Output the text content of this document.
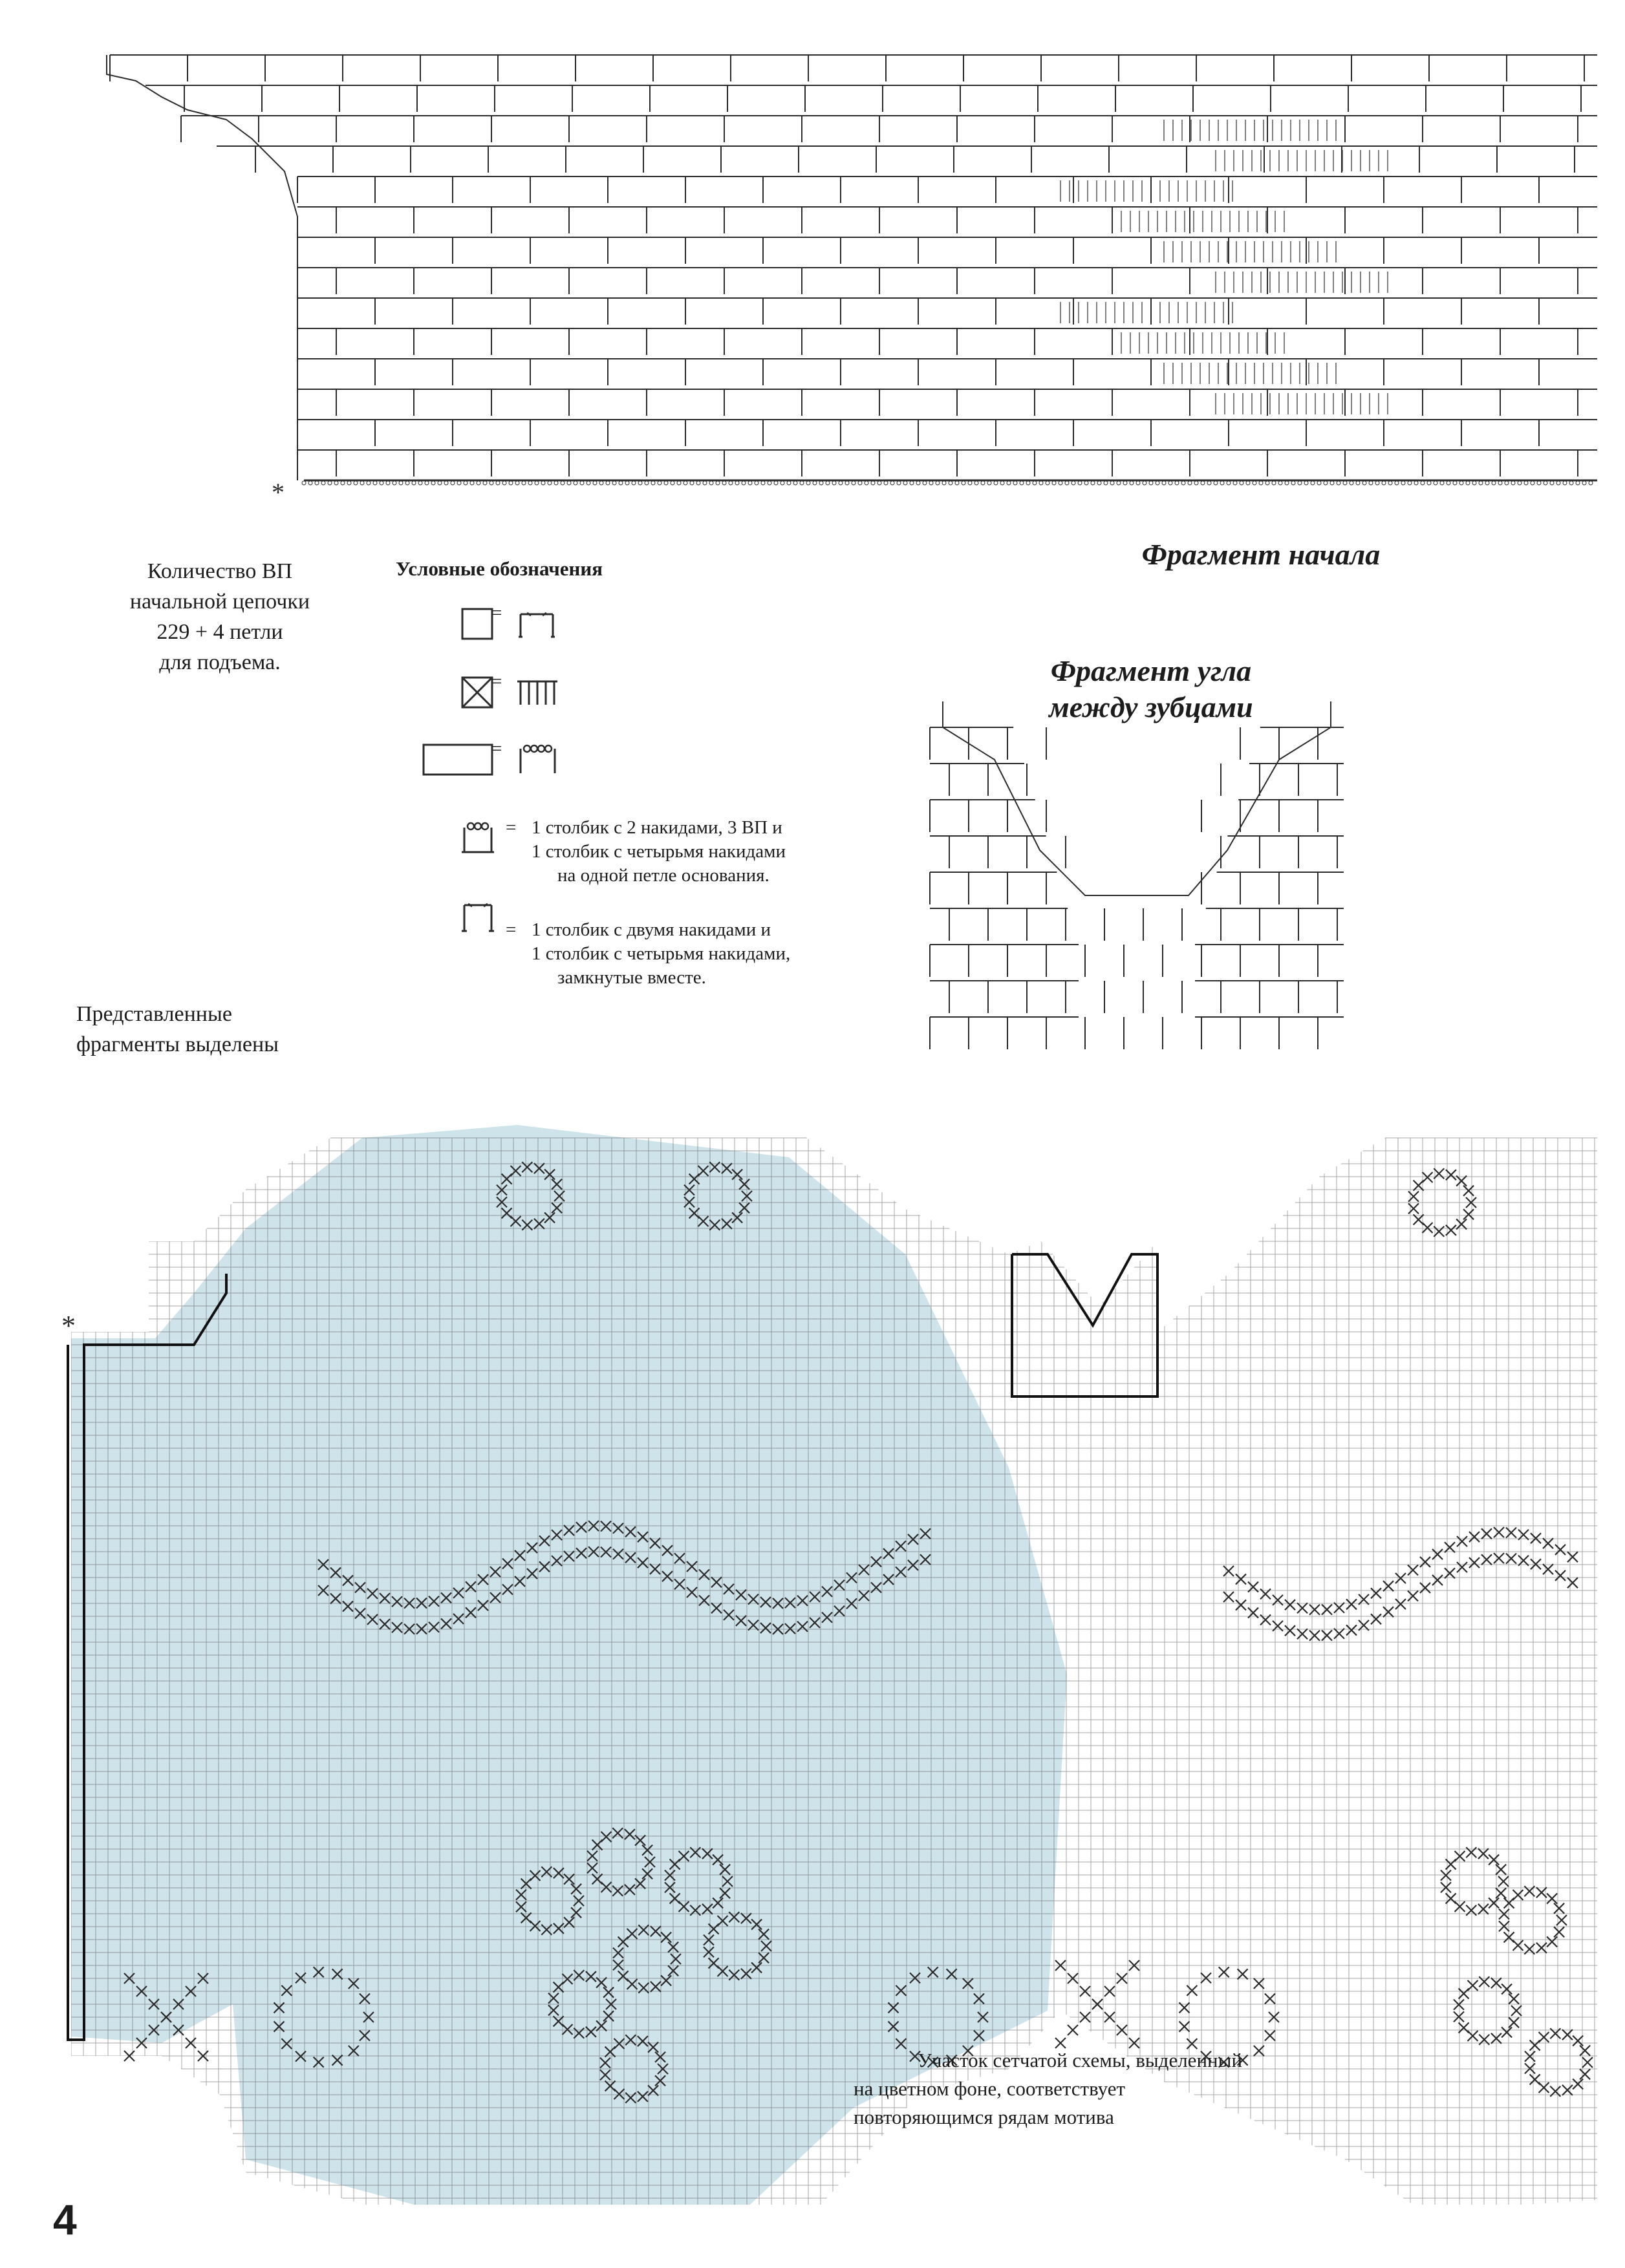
*
Фрагмент начала
Количество ВП
начальной цепочки
229 + 4 петли
для подъема.
Условные обозначения
=
=
=
= 1 столбик с 2 накидами, 3 ВП и
1 столбик с четырьмя накидами
на одной петле основания.
= 1 столбик с двумя накидами и
1 столбик с четырьмя накидами,
замкнутые вместе.
Фрагмент угла
между зубцами
Представленные
фрагменты выделены
*
Участок сетчатой схемы, выделенный
на цветном фоне, соответствует
повторяющимся рядам мотива
4
